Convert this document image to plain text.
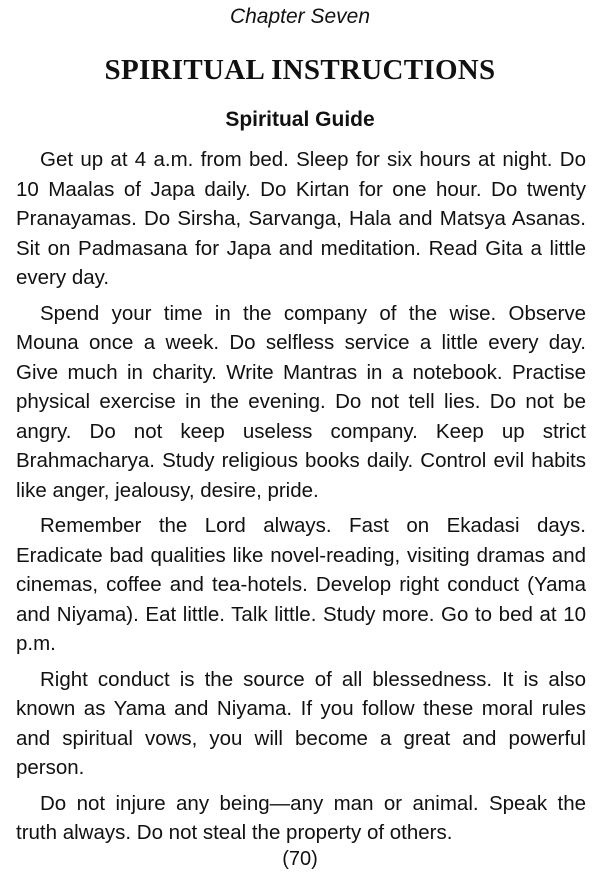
Chapter Seven
SPIRITUAL INSTRUCTIONS
Spiritual Guide

Get up at 4 a.m. from bed. Sleep for six hours at night. Do 10 Maalas of Japa daily. Do Kirtan for one hour. Do twenty Pranayamas. Do Sirsha, Sarvanga, Hala and Matsya Asanas. Sit on Padmasana for Japa and meditation. Read Gita a little every day.

Spend your time in the company of the wise. Observe Mouna once a week. Do selfless service a little every day. Give much in charity. Write Mantras in a notebook. Practise physical exercise in the evening. Do not tell lies. Do not be angry. Do not keep useless company. Keep up strict Brahmacharya. Study religious books daily. Control evil habits like anger, jealousy, desire, pride.

Remember the Lord always. Fast on Ekadasi days. Eradicate bad qualities like novel-reading, visiting dramas and cinemas, coffee and tea-hotels. Develop right conduct (Yama and Niyama). Eat little. Talk little. Study more. Go to bed at 10 p.m.

Right conduct is the source of all blessedness. It is also known as Yama and Niyama. If you follow these moral rules and spiritual vows, you will become a great and powerful person.

Do not injure any being—any man or animal. Speak the truth always. Do not steal the property of others.

(70)
